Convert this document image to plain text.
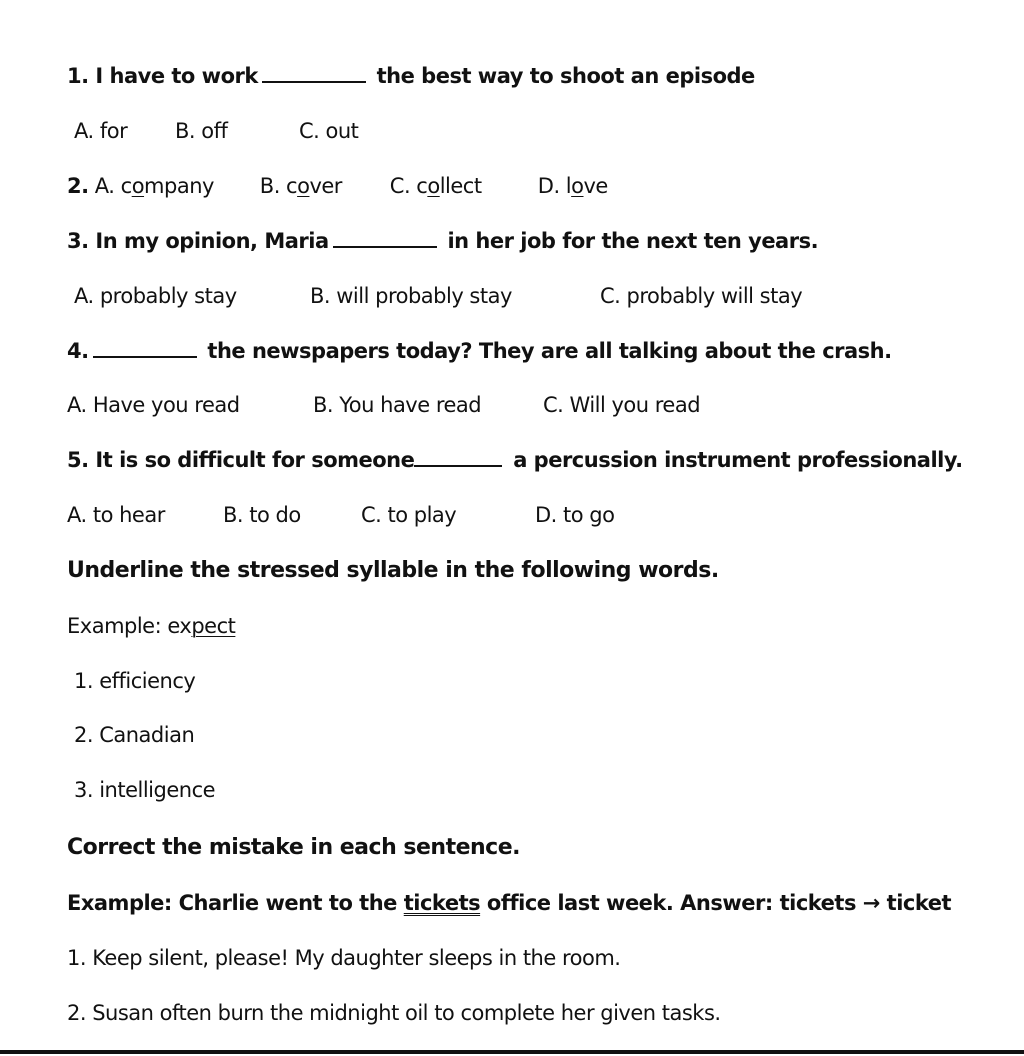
1. I have to work	the best way to shoot an episode
A. for B. off	C. out
2. A. company B. cover C. collect	D. love
3. In my opinion, Maria	in her job for the next ten years.
A. probably stay	B. will probably stay	C. probably will stay
4.	the newspapers today? They are all talking about the crash.
A. Have you read	B. You have read	C. Will you read
5. It is so difficult for someone	a percussion instrument professionally.
A. to hear	B. to do	C. to play	D. to go
Underline the stressed syllable in the following words.
Example: expect
1. efficiency
2. Canadian
3. intelligence
Correct the mistake in each sentence.
Example: Charlie went to the tickets office last week. Answer: tickets → ticket
1. Keep silent, please! My daughter sleeps in the room.
2. Susan often burn the midnight oil to complete her given tasks.
